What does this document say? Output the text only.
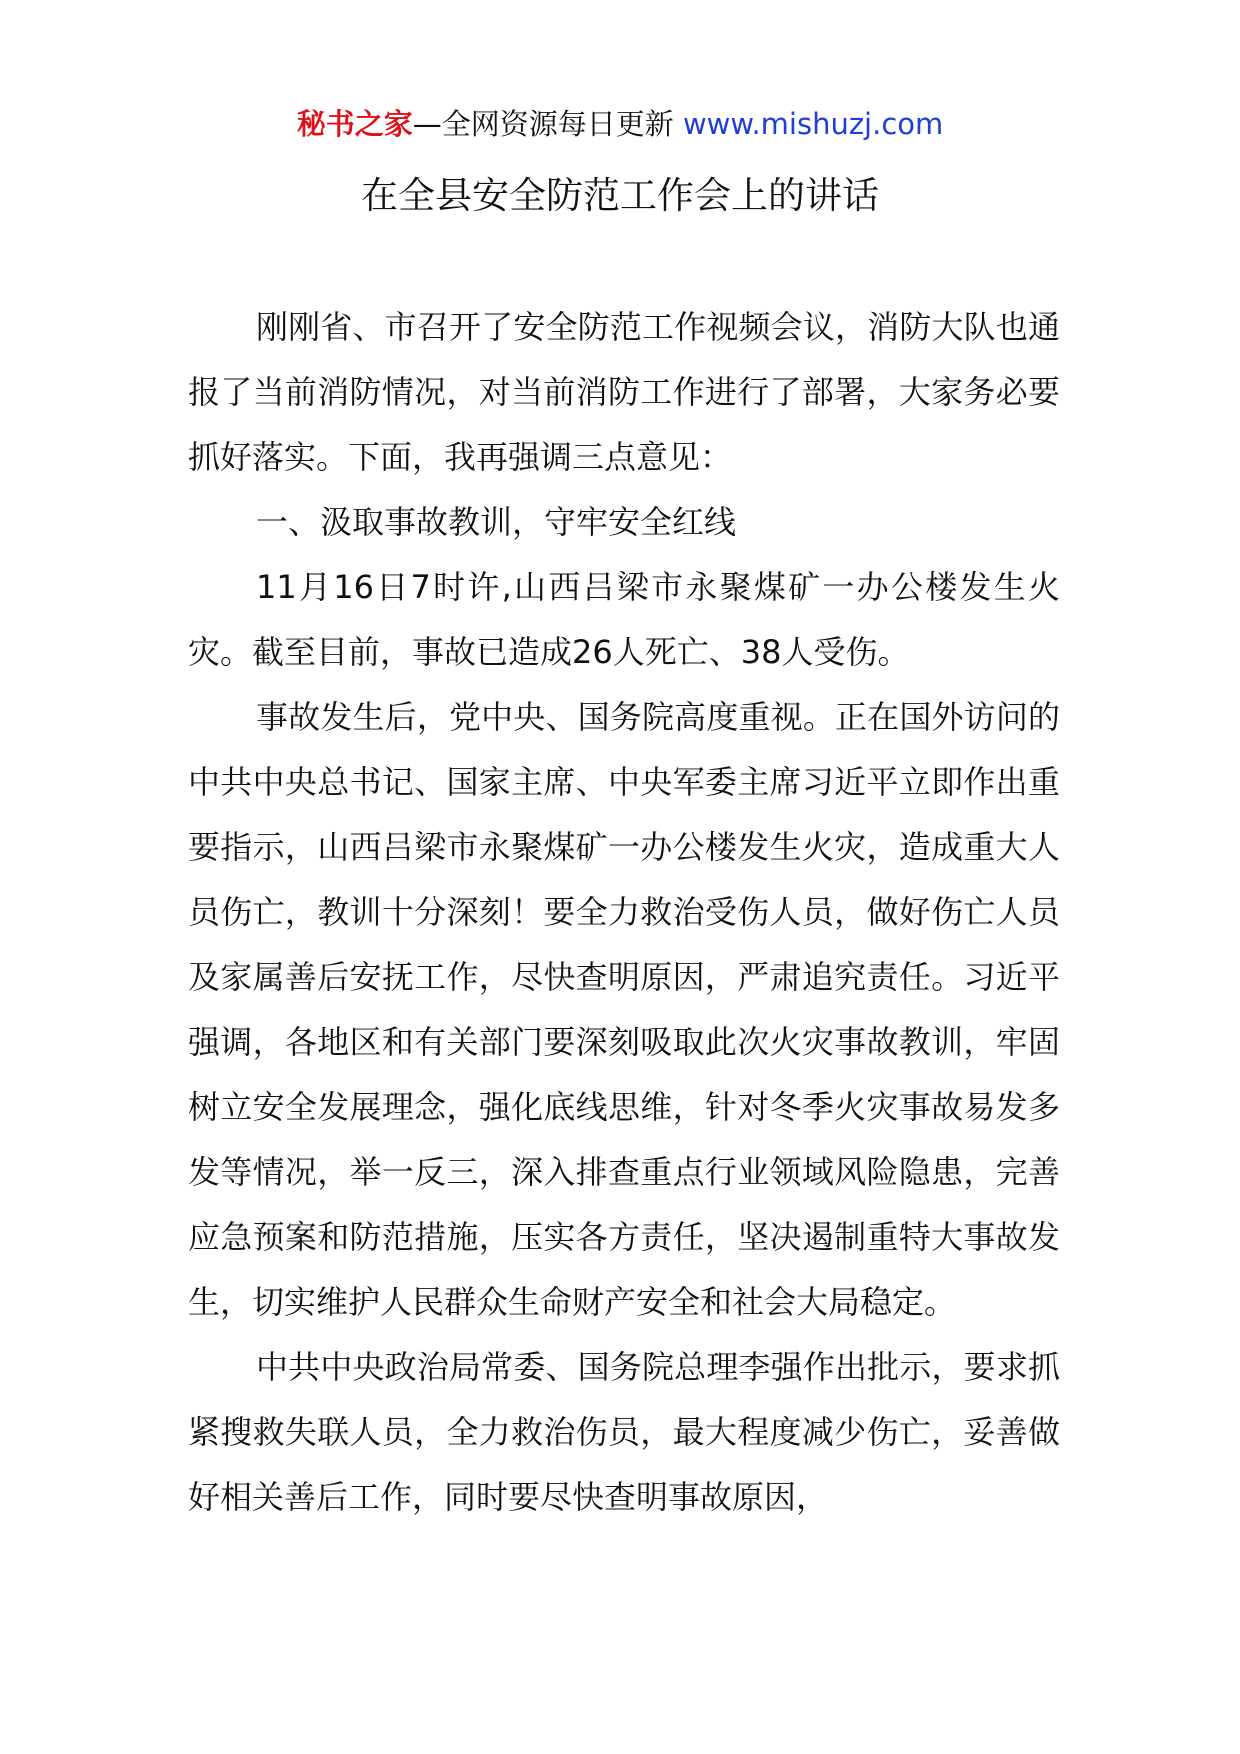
秘书之家—全网资源每日更新 www.mishuzj.com
在全县安全防范工作会上的讲话

刚刚省、市召开了安全防范工作视频会议，消防大队也通报了当前消防情况，对当前消防工作进行了部署，大家务必要抓好落实。下面，我再强调三点意见：

一、汲取事故教训，守牢安全红线

11月16日7时许,山西吕梁市永聚煤矿一办公楼发生火灾。截至目前，事故已造成26人死亡、38人受伤。

事故发生后，党中央、国务院高度重视。正在国外访问的中共中央总书记、国家主席、中央军委主席习近平立即作出重要指示，山西吕梁市永聚煤矿一办公楼发生火灾，造成重大人员伤亡，教训十分深刻！要全力救治受伤人员，做好伤亡人员及家属善后安抚工作，尽快查明原因，严肃追究责任。习近平强调，各地区和有关部门要深刻吸取此次火灾事故教训，牢固树立安全发展理念，强化底线思维，针对冬季火灾事故易发多发等情况，举一反三，深入排查重点行业领域风险隐患，完善应急预案和防范措施，压实各方责任，坚决遏制重特大事故发生，切实维护人民群众生命财产安全和社会大局稳定。

中共中央政治局常委、国务院总理李强作出批示，要求抓紧搜救失联人员，全力救治伤员，最大程度减少伤亡，妥善做好相关善后工作，同时要尽快查明事故原因，
